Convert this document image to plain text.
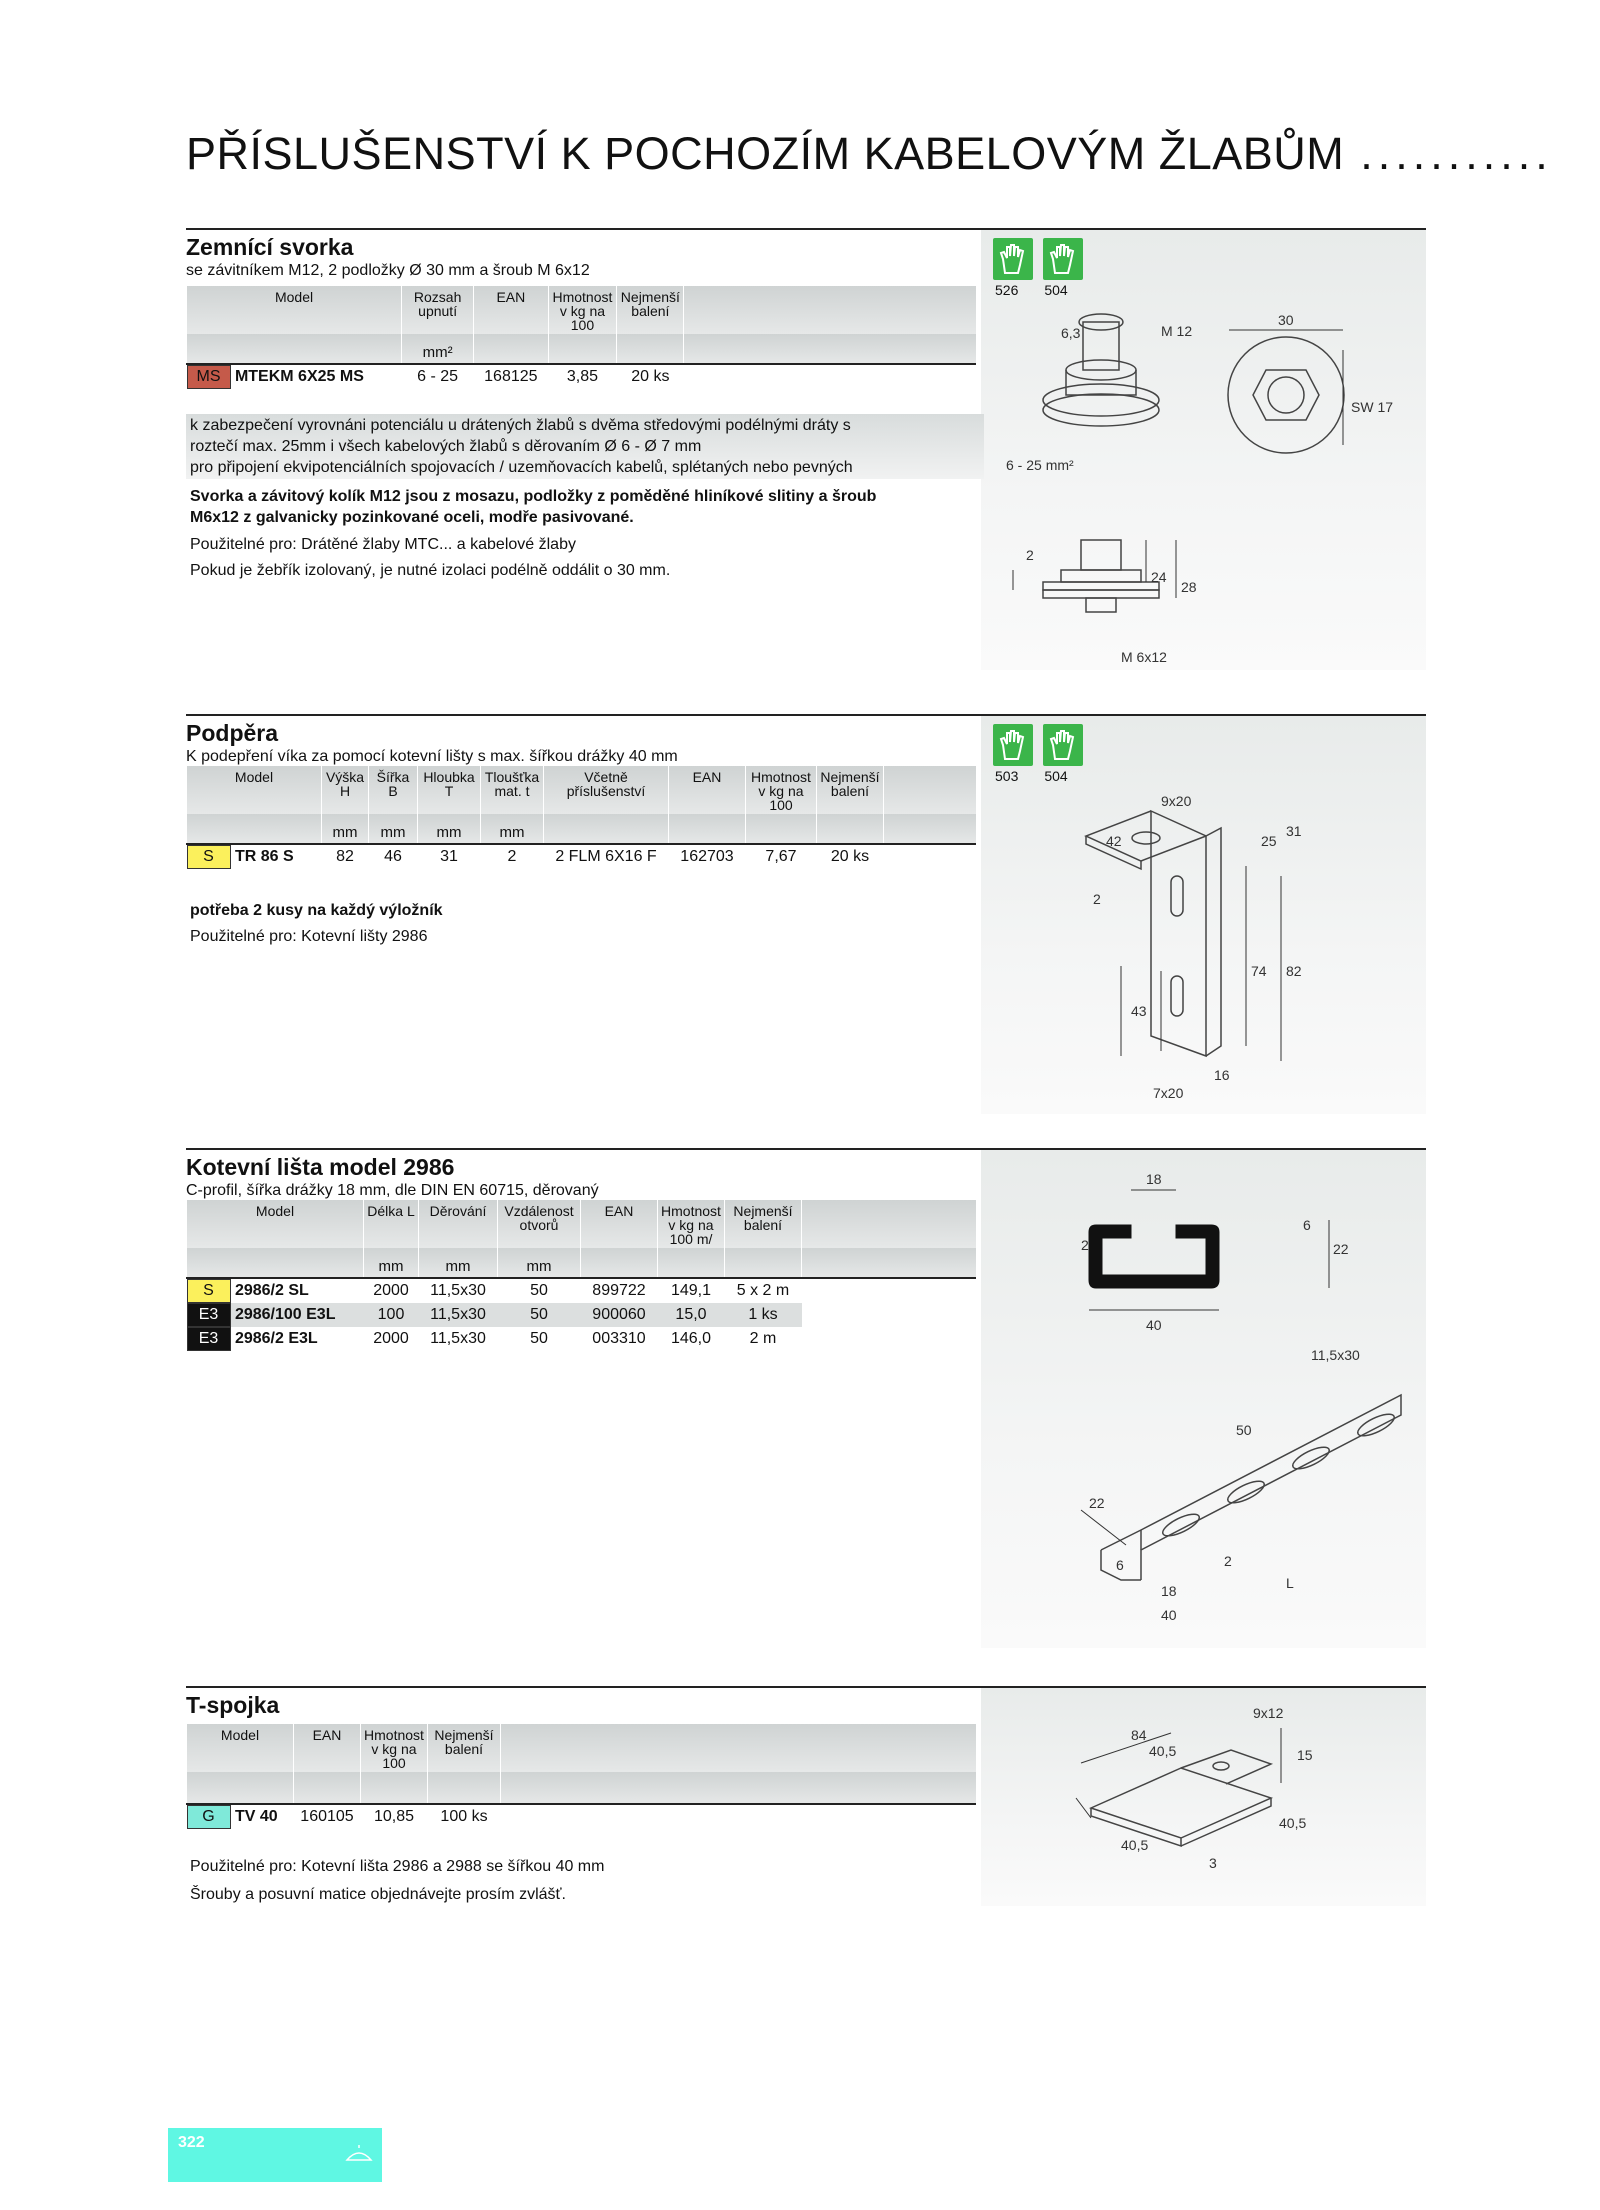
PŘÍSLUŠENSTVÍ K POCHOZÍM KABELOVÝM ŽLABŮM ...........
526 504
6,3	M 12
30
SW 17
6 - 25 mm²
2
24
28
M 6x12
Zemnící svorka
se závitníkem M12, 2 podložky Ø 30 mm a šroub M 6x12
Model	Rozsah upnutí	EAN	Hmotnost v kg na 100	Nejmenší balení	
	mm²				
MS MTEKM 6X25 MS	6 - 25	168125	3,85	20 ks	
k zabezpečení vyrovnáni potenciálu u drátených žlabů s dvěma středovými podélnými dráty s
roztečí max. 25mm i všech kabelových žlabů s děrovaním Ø 6 - Ø 7 mm
pro připojení ekvipotenciálních spojovacích / uzemňovacích kabelů, splétaných nebo pevných
Svorka a závitový kolík M12 jsou z mosazu, podložky z poměděné hliníkové slitiny a šroub
M6x12 z galvanicky pozinkované oceli, modře pasivované.
Použitelné pro: Drátěné žlaby MTC... a kabelové žlaby
Pokud je žebřík izolovaný, je nutné izolaci podélně oddálit o 30 mm.
503 504
9x20
42	25
31
2
74 82
43
16
7x20
Podpěra
K podepření víka za pomocí kotevní lišty s max. šířkou drážky 40 mm
Model	Výška H	Šířka B	Hloubka T	Tloušťka mat. t	Včetně příslušenství	EAN	Hmotnost v kg na 100	Nejmenší balení	
	mm	mm	mm	mm					
S TR 86 S	82	46	31	2	2 FLM 6X16 F	162703	7,67	20 ks	
potřeba 2 kusy na každý výložník
Použitelné pro: Kotevní lišty 2986
18
2
6
22
40
11,5x30
50
22
6	2
L
18
40
Kotevní lišta model 2986
C-profil, šířka drážky 18 mm, dle DIN EN 60715, děrovaný
Model	Délka L	Děrování	Vzdálenost otvorů	EAN	Hmotnost v kg na 100 m/	Nejmenší balení	
	mm	mm	mm				
S 2986/2 SL	2000	11,5x30	50	899722	149,1	5 x 2 m	
E3 2986/100 E3L	100	11,5x30	50	900060	15,0	1 ks	
E3 2986/2 E3L	2000	11,5x30	50	003310	146,0	2 m	
9x12
84
40,5	15
40,5
40,5
3
T-spojka
Model	EAN	Hmotnost v kg na 100	Nejmenší balení	

G TV 40	160105	10,85	100 ks	
Použitelné pro: Kotevní lišta 2986 a 2988 se šířkou 40 mm
Šrouby a posuvní matice objednávejte prosím zvlášť.
322
